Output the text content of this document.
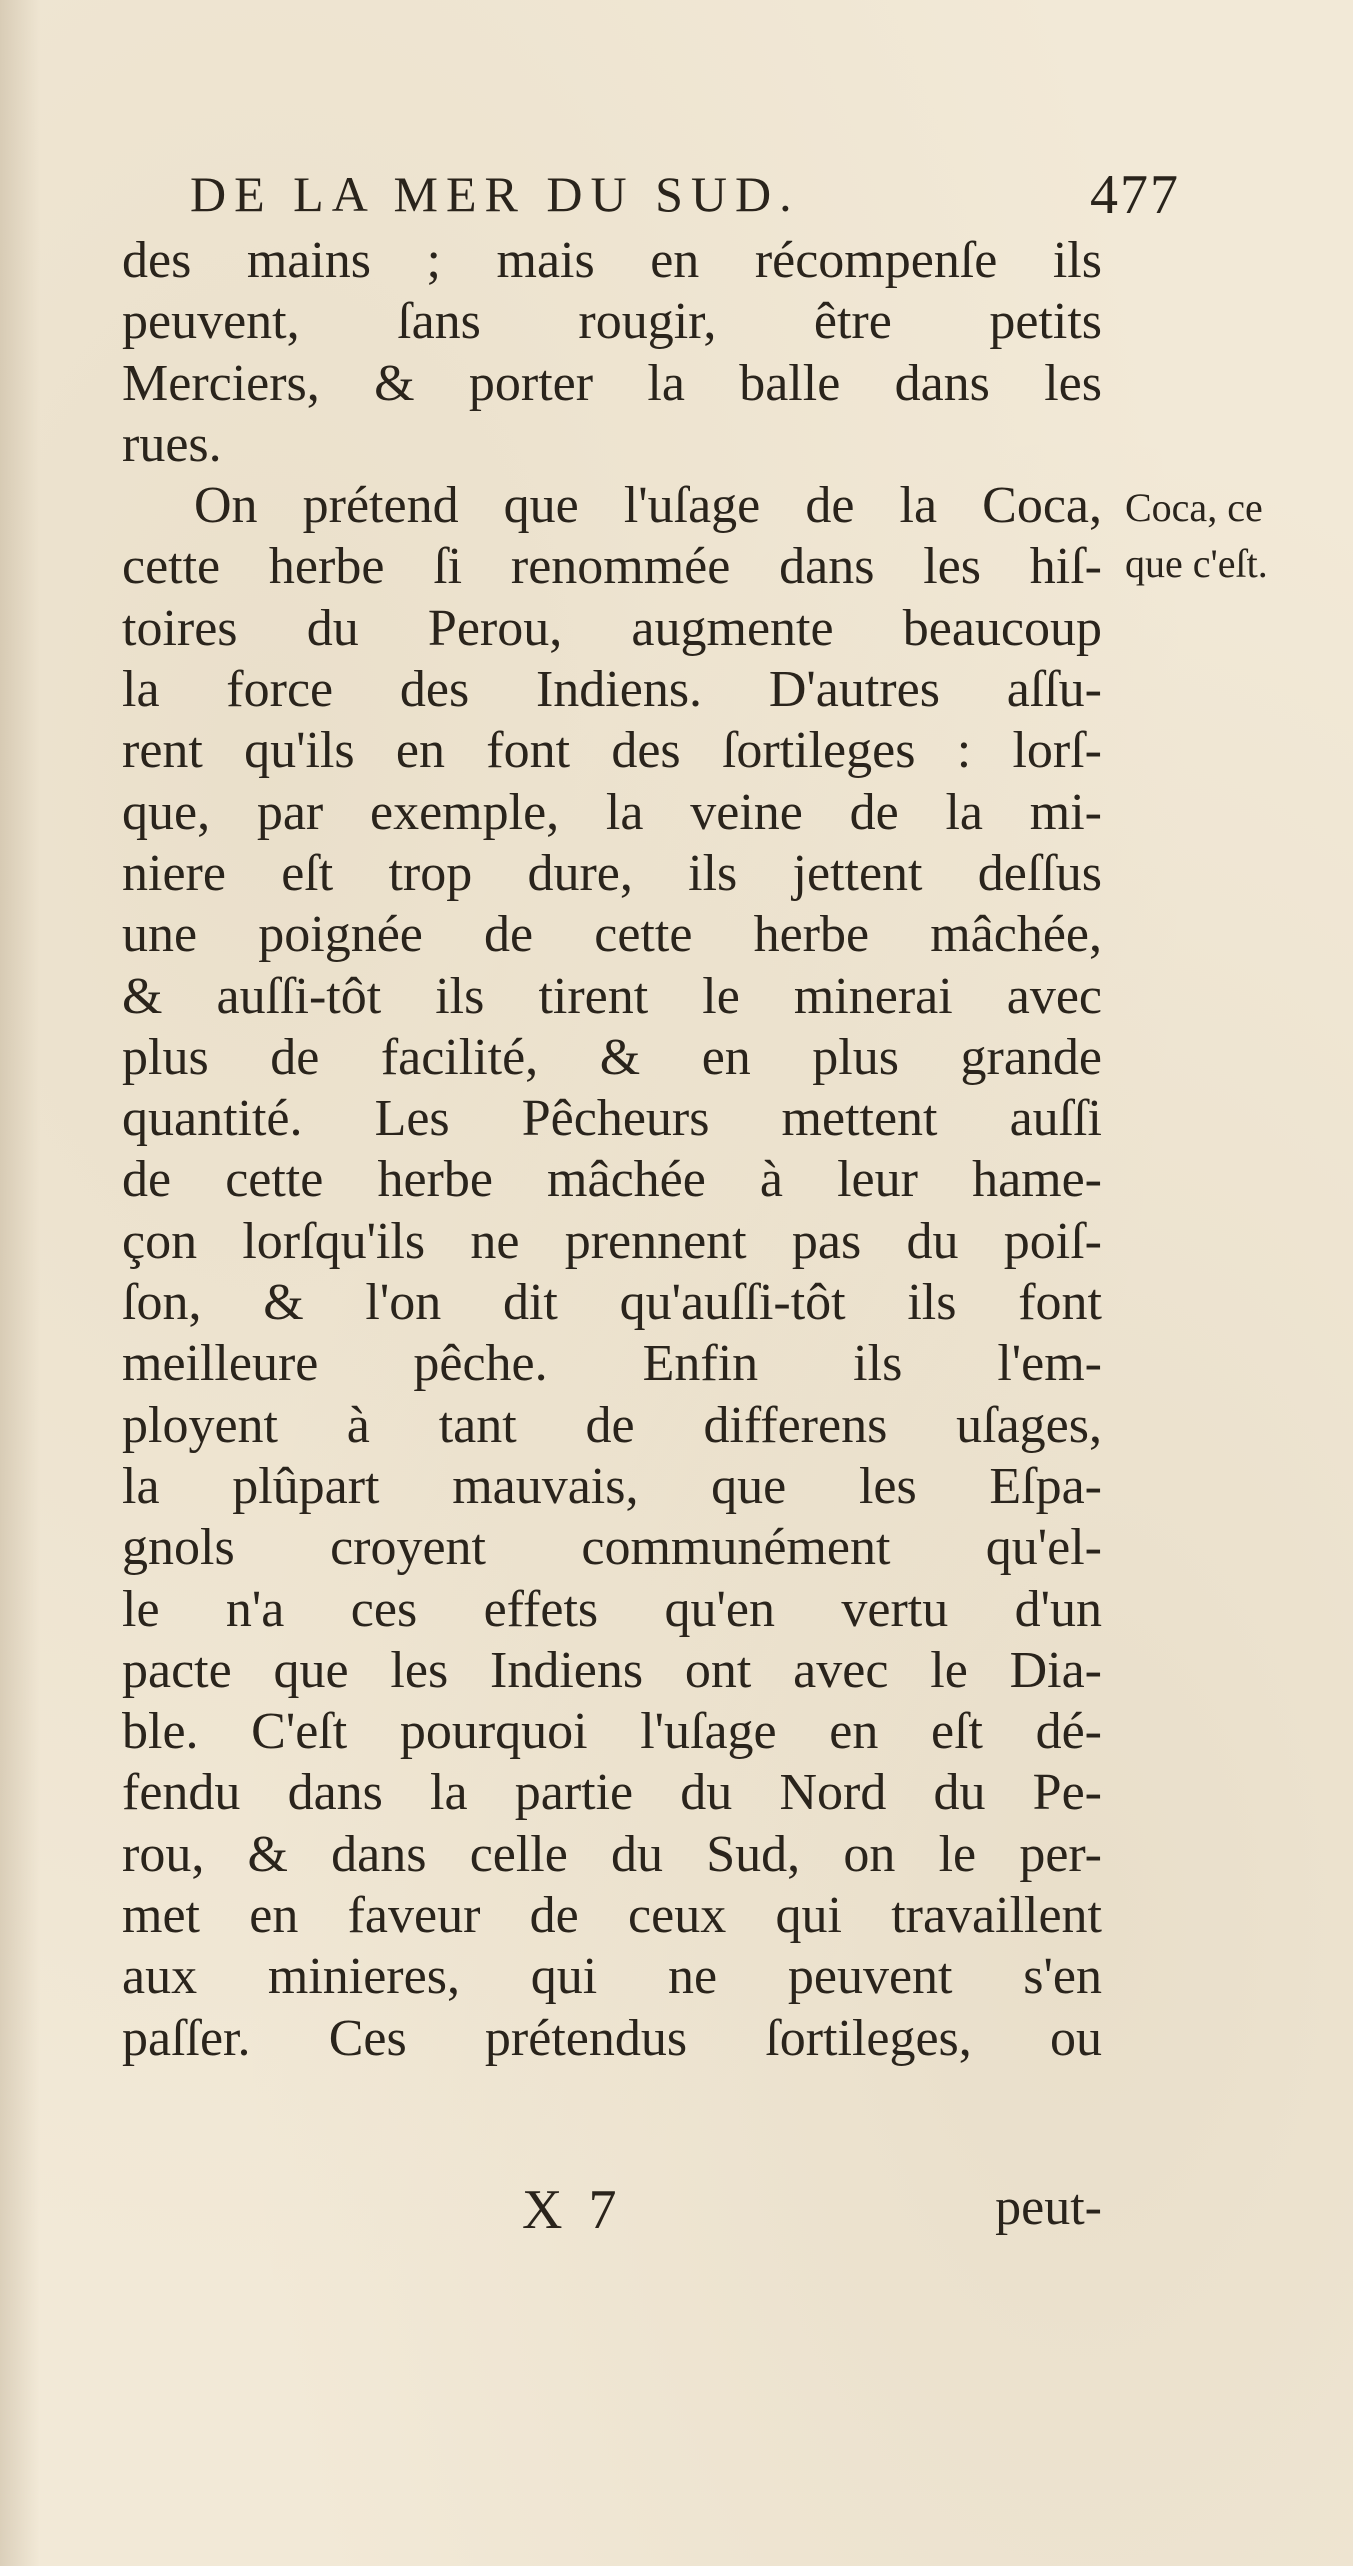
DE LA MER DU SUD.	477
des mains ; mais en récompenſe ils
peuvent, ſans rougir, être petits
Merciers, & porter la balle dans les
rues.
On prétend que l'uſage de la Coca,
cette herbe ſi renommée dans les hiſ-
toires du Perou, augmente beaucoup
la force des Indiens. D'autres aſſu-
rent qu'ils en font des ſortileges : lorſ-
que, par exemple, la veine de la mi-
niere eſt trop dure, ils jettent deſſus
une poignée de cette herbe mâchée,
& auſſi-tôt ils tirent le minerai avec
plus de facilité, & en plus grande
quantité. Les Pêcheurs mettent auſſi
de cette herbe mâchée à leur hame-
çon lorſqu'ils ne prennent pas du poiſ-
ſon, & l'on dit qu'auſſi-tôt ils font
meilleure pêche. Enfin ils l'em-
ployent à tant de differens uſages,
la plûpart mauvais, que les Eſpa-
gnols croyent communément qu'el-
le n'a ces effets qu'en vertu d'un
pacte que les Indiens ont avec le Dia-
ble. C'eſt pourquoi l'uſage en eſt dé-
fendu dans la partie du Nord du Pe-
rou, & dans celle du Sud, on le per-
met en faveur de ceux qui travaillent
aux minieres, qui ne peuvent s'en
paſſer. Ces prétendus ſortileges, ou
Coca, ce
que c'eſt.
X 7	peut-
